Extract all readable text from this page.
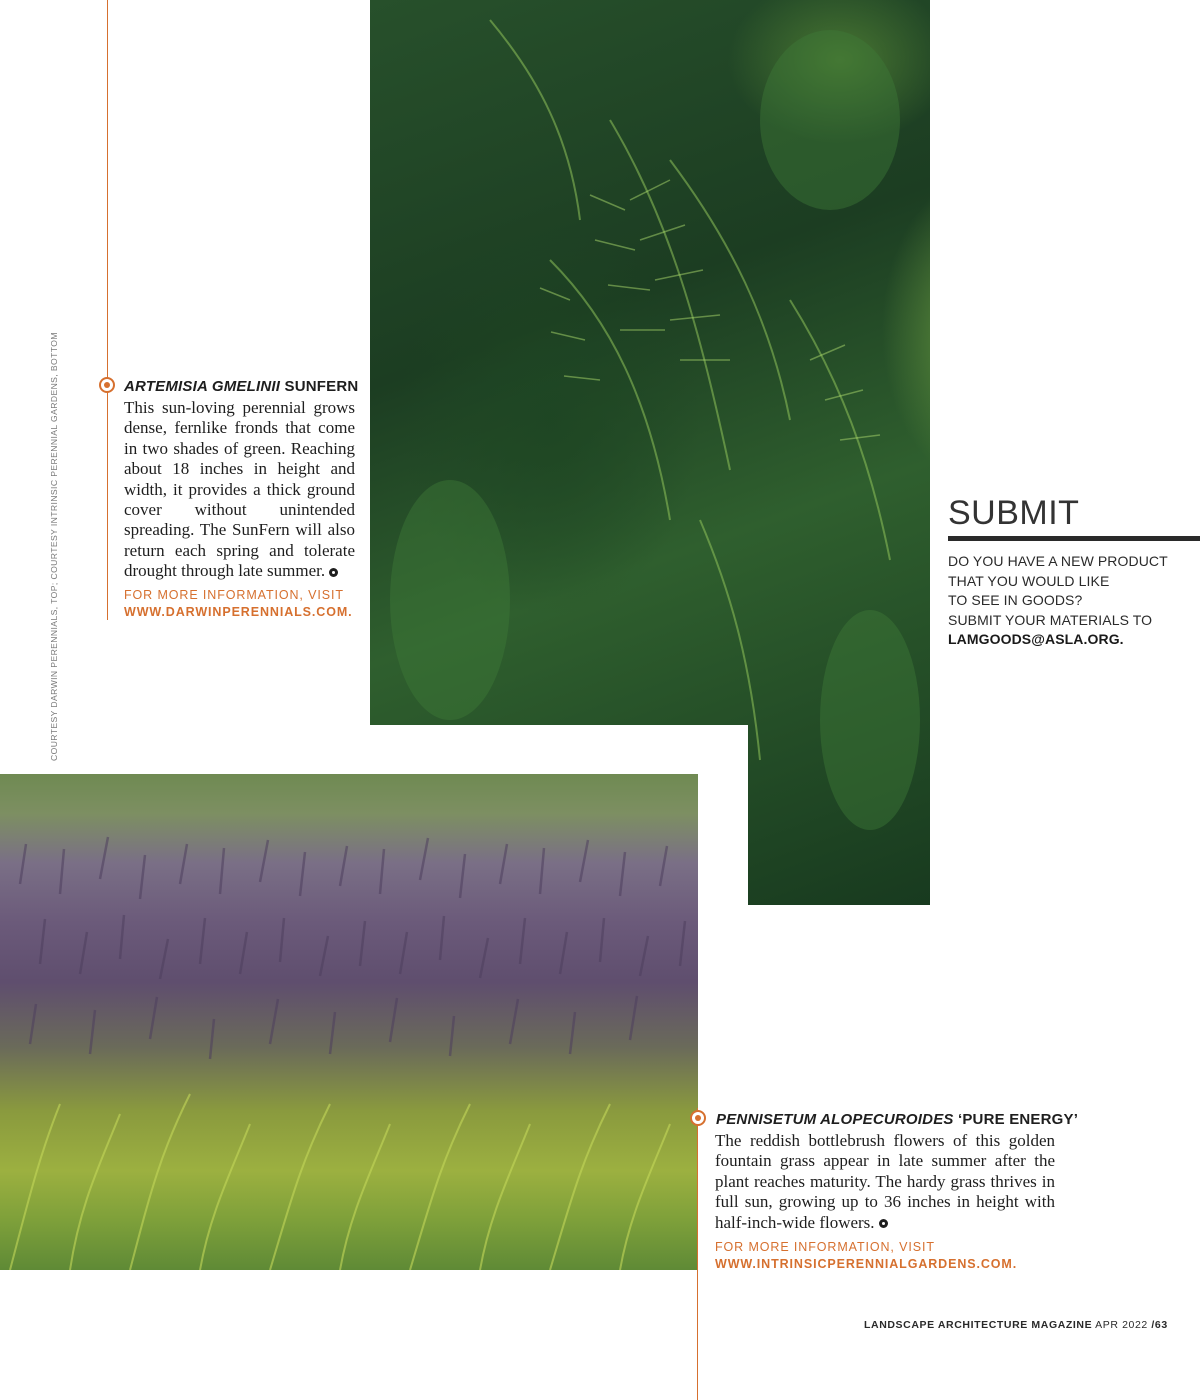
COURTESY DARWIN PERENNIALS, TOP; COURTESY INTRINSIC PERENNIAL GARDENS, BOTTOM	ARTEMISIA GMELINII SUNFERN
This sun-loving perennial grows dense, fernlike fronds that come in two shades of green. Reaching about 18 inches in height and width, it provides a thick ground cover without unintended spreading. The SunFern will also return each spring and tolerate drought through late summer.
FOR MORE INFORMATION, VISIT
WWW.DARWINPERENNIALS.COM.
SUBMIT
DO YOU HAVE A NEW PRODUCT
THAT YOU WOULD LIKE
TO SEE IN GOODS?
SUBMIT YOUR MATERIALS TO
LAMGOODS@ASLA.ORG.
PENNISETUM ALOPECUROIDES ‘PURE ENERGY’
The reddish bottlebrush flowers of this golden fountain grass appear in late summer after the plant reaches maturity. The hardy grass thrives in full sun, growing up to 36 inches in height with half-inch-wide flowers.
FOR MORE INFORMATION, VISIT
WWW.INTRINSICPERENNIALGARDENS.COM.
LANDSCAPE ARCHITECTURE MAGAZINE APR 2022 /63
